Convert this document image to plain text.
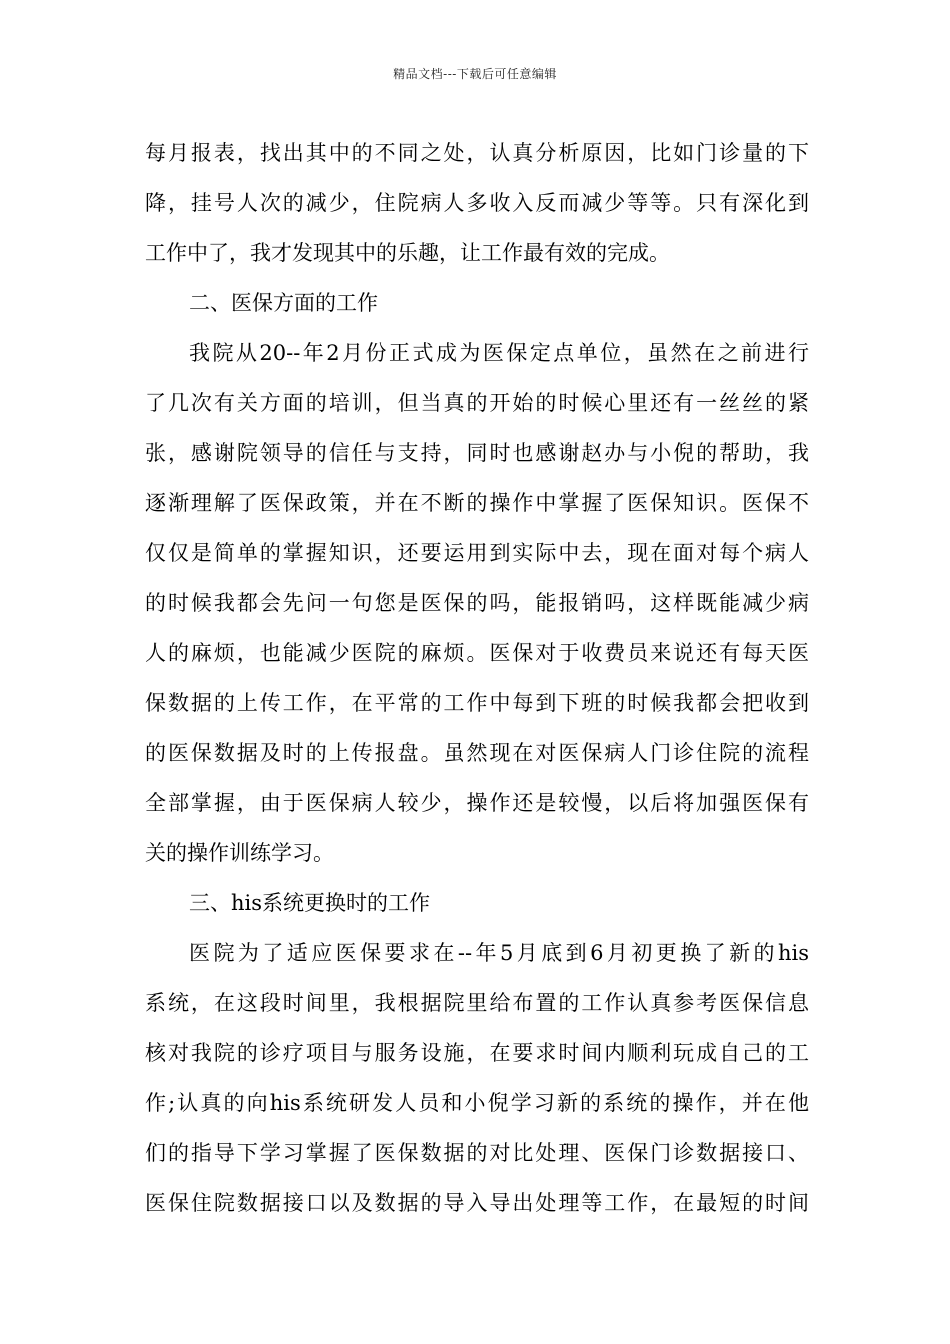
精品文档---下载后可任意编辑
每月报表，找出其中的不同之处，认真分析原因，比如门诊量的下
降，挂号人次的减少，住院病人多收入反而减少等等。只有深化到
工作中了，我才发现其中的乐趣，让工作最有效的完成。
二、医保方面的工作
我院从20--年2月份正式成为医保定点单位，虽然在之前进行
了几次有关方面的培训，但当真的开始的时候心里还有一丝丝的紧
张，感谢院领导的信任与支持，同时也感谢赵办与小倪的帮助，我
逐渐理解了医保政策，并在不断的操作中掌握了医保知识。医保不
仅仅是简单的掌握知识，还要运用到实际中去，现在面对每个病人
的时候我都会先问一句您是医保的吗，能报销吗，这样既能减少病
人的麻烦，也能减少医院的麻烦。医保对于收费员来说还有每天医
保数据的上传工作，在平常的工作中每到下班的时候我都会把收到
的医保数据及时的上传报盘。虽然现在对医保病人门诊住院的流程
全部掌握，由于医保病人较少，操作还是较慢，以后将加强医保有
关的操作训练学习。
三、his系统更换时的工作
医院为了适应医保要求在--年5月底到6月初更换了新的his
系统，在这段时间里，我根据院里给布置的工作认真参考医保信息
核对我院的诊疗项目与服务设施，在要求时间内顺利玩成自己的工
作;认真的向his系统研发人员和小倪学习新的系统的操作，并在他
们的指导下学习掌握了医保数据的对比处理、医保门诊数据接口、
医保住院数据接口以及数据的导入导出处理等工作，在最短的时间
